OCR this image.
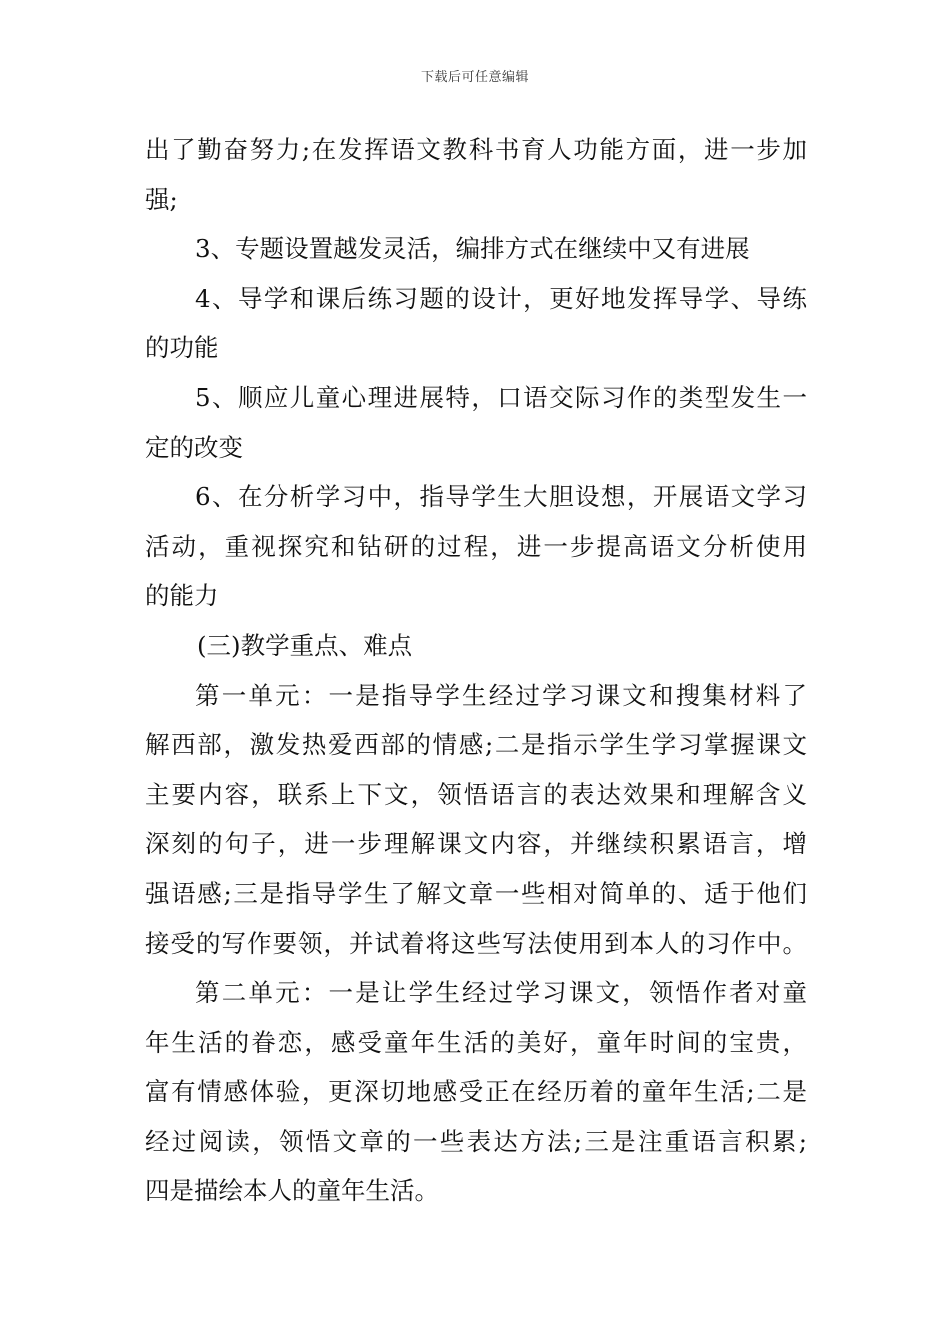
下载后可任意编辑
出了勤奋努力;在发挥语文教科书育人功能方面，进一步加
强;
3、专题设置越发灵活，编排方式在继续中又有进展
4、导学和课后练习题的设计，更好地发挥导学、导练
的功能
5、顺应儿童心理进展特，口语交际习作的类型发生一
定的改变
6、在分析学习中，指导学生大胆设想，开展语文学习
活动，重视探究和钻研的过程，进一步提高语文分析使用
的能力
(三)教学重点、难点
第一单元：一是指导学生经过学习课文和搜集材料了
解西部，激发热爱西部的情感;二是指示学生学习掌握课文
主要内容，联系上下文，领悟语言的表达效果和理解含义
深刻的句子，进一步理解课文内容，并继续积累语言，增
强语感;三是指导学生了解文章一些相对简单的、适于他们
接受的写作要领，并试着将这些写法使用到本人的习作中。
第二单元：一是让学生经过学习课文，领悟作者对童
年生活的眷恋，感受童年生活的美好，童年时间的宝贵，
富有情感体验，更深切地感受正在经历着的童年生活;二是
经过阅读，领悟文章的一些表达方法;三是注重语言积累;
四是描绘本人的童年生活。
